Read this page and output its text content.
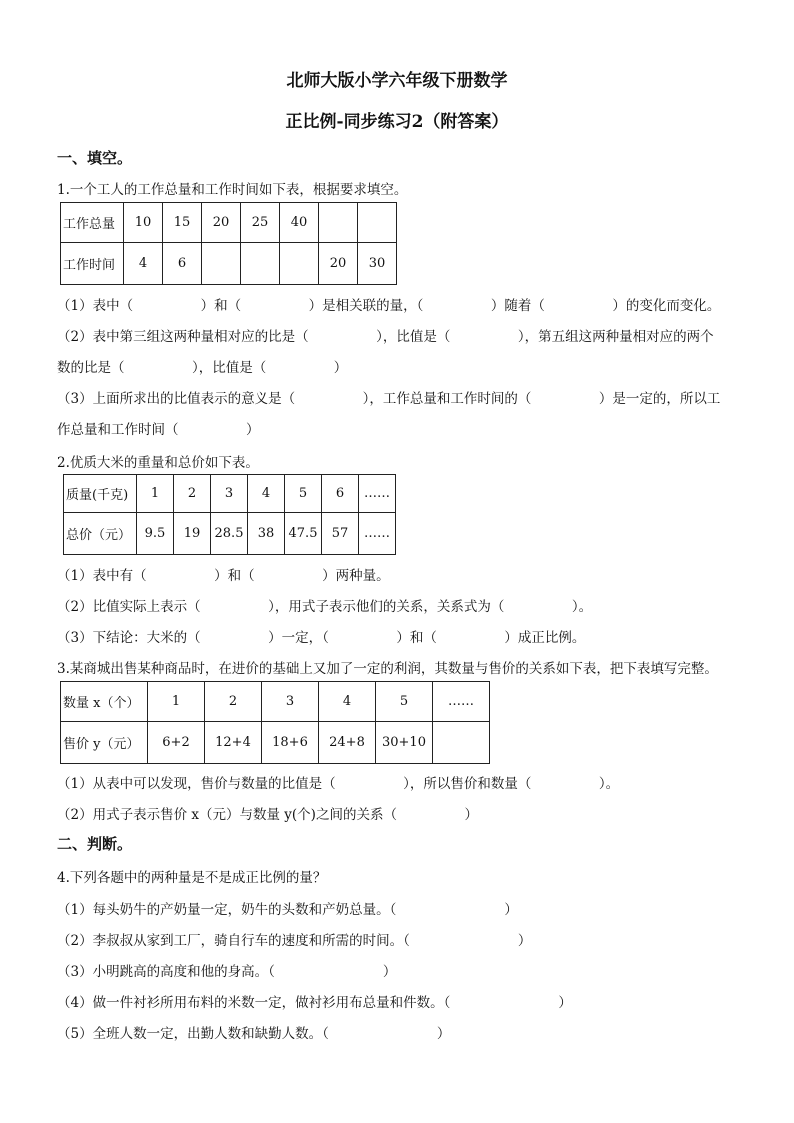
北师大版小学六年级下册数学
正比例-同步练习2（附答案）
一、填空。
1.一个工人的工作总量和工作时间如下表，根据要求填空。
工作总量	10	15	20	25	40		
工作时间	4	6				20	30
（1）表中（　　　　　）和（　　　　　）是相关联的量，（　　　　　）随着（　　　　　）的变化而变化。
（2）表中第三组这两种量相对应的比是（　　　　　），比值是（　　　　　），第五组这两种量相对应的两个
数的比是（　　　　　），比值是（　　　　　）
（3）上面所求出的比值表示的意义是（　　　　　），工作总量和工作时间的（　　　　　）是一定的，所以工
作总量和工作时间（　　　　　）
2.优质大米的重量和总价如下表。
质量(千克)	1	2	3	4	5	6	……
总价（元）	9.5	19	28.5	38	47.5	57	……
（1）表中有（　　　　　）和（　　　　　）两种量。
（2）比值实际上表示（　　　　　），用式子表示他们的关系，关系式为（　　　　　）。
（3）下结论：大米的（　　　　　）一定，（　　　　　）和（　　　　　）成正比例。
3.某商城出售某种商品时，在进价的基础上又加了一定的利润，其数量与售价的关系如下表，把下表填写完整。
数量 x（个）	1	2	3	4	5	……
售价 y（元）	6+2	12+4	18+6	24+8	30+10	
（1）从表中可以发现，售价与数量的比值是（　　　　　），所以售价和数量（　　　　　）。
（2）用式子表示售价 x（元）与数量 y(个)之间的关系（　　　　　）
二、判断。
4.下列各题中的两种量是不是成正比例的量？
（1）每头奶牛的产奶量一定，奶牛的头数和产奶总量。（　　　　　　　　）
（2）李叔叔从家到工厂，骑自行车的速度和所需的时间。（　　　　　　　　）
（3）小明跳高的高度和他的身高。（　　　　　　　　）
（4）做一件衬衫所用布料的米数一定，做衬衫用布总量和件数。（　　　　　　　　）
（5）全班人数一定，出勤人数和缺勤人数。（　　　　　　　　）
